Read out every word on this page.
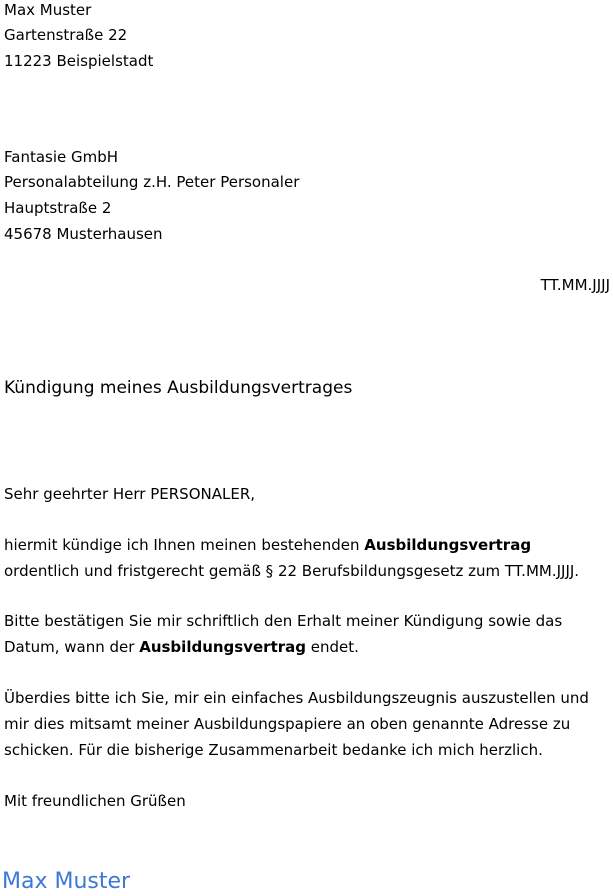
Max Muster
Gartenstraße 22
11223 Beispielstadt
Fantasie GmbH
Personalabteilung z.H. Peter Personaler
Hauptstraße 2
45678 Musterhausen
TT.MM.JJJJ
Kündigung meines Ausbildungsvertrages
Sehr geehrter Herr PERSONALER,
hiermit kündige ich Ihnen meinen bestehenden Ausbildungsvertrag ordentlich und fristgerecht gemäß § 22 Berufsbildungsgesetz zum TT.MM.JJJJ.
Bitte bestätigen Sie mir schriftlich den Erhalt meiner Kündigung sowie das Datum, wann der Ausbildungsvertrag endet.
Überdies bitte ich Sie, mir ein einfaches Ausbildungszeugnis auszustellen und mir dies mitsamt meiner Ausbildungspapiere an oben genannte Adresse zu schicken. Für die bisherige Zusammenarbeit bedanke ich mich herzlich.
Mit freundlichen Grüßen
Max Muster
